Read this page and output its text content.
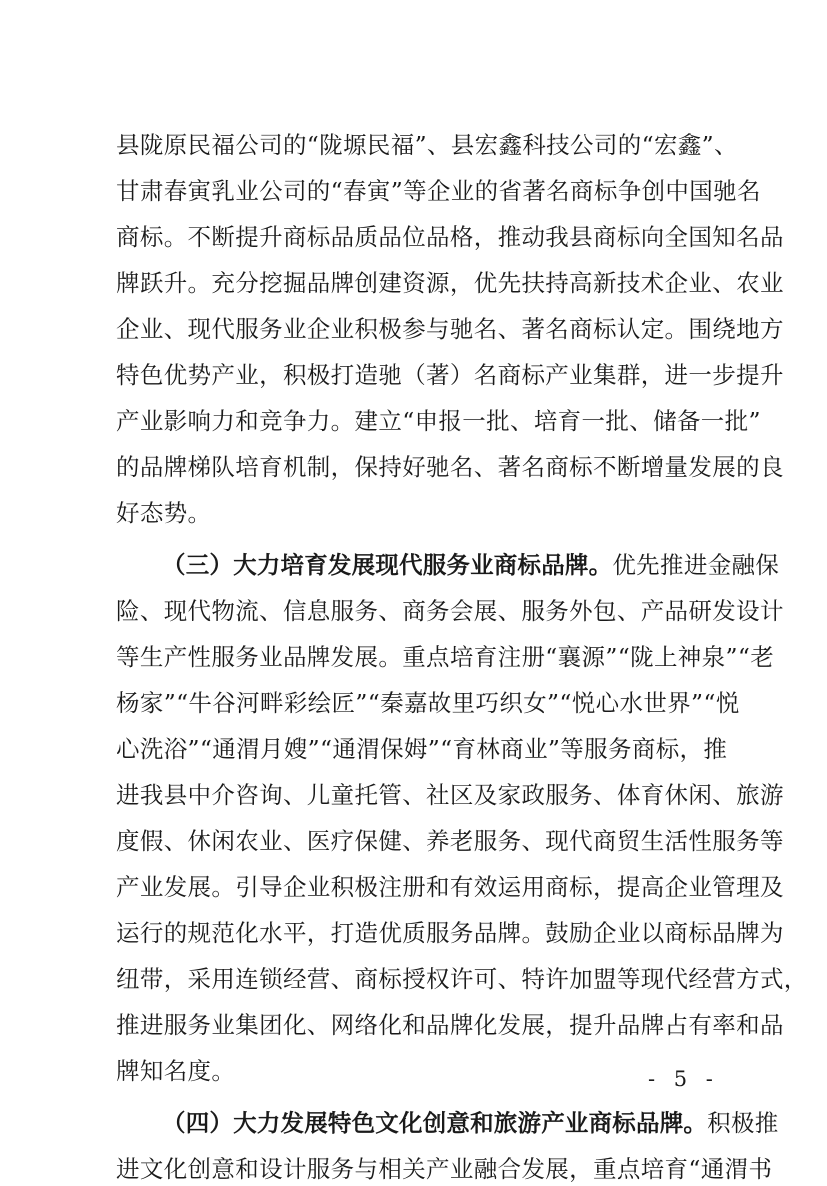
县陇原民福公司的“陇塬民福”、县宏鑫科技公司的“宏鑫”、
甘肃春寅乳业公司的“春寅”等企业的省著名商标争创中国驰名
商标。不断提升商标品质品位品格，推动我县商标向全国知名品
牌跃升。充分挖掘品牌创建资源，优先扶持高新技术企业、农业
企业、现代服务业企业积极参与驰名、著名商标认定。围绕地方
特色优势产业，积极打造驰（著）名商标产业集群，进一步提升
产业影响力和竞争力。建立“申报一批、培育一批、储备一批”
的品牌梯队培育机制，保持好驰名、著名商标不断增量发展的良
好态势。
（三）大力培育发展现代服务业商标品牌。优先推进金融保
险、现代物流、信息服务、商务会展、服务外包、产品研发设计
等生产性服务业品牌发展。重点培育注册“襄源”“陇上神泉”“老
杨家”“牛谷河畔彩绘匠”“秦嘉故里巧织女”“悦心水世界”“悦
心洗浴”“通渭月嫂”“通渭保姆”“育林商业”等服务商标，推
进我县中介咨询、儿童托管、社区及家政服务、体育休闲、旅游
度假、休闲农业、医疗保健、养老服务、现代商贸生活性服务等
产业发展。引导企业积极注册和有效运用商标，提高企业管理及
运行的规范化水平，打造优质服务品牌。鼓励企业以商标品牌为
纽带，采用连锁经营、商标授权许可、特许加盟等现代经营方式，
推进服务业集团化、网络化和品牌化发展，提升品牌占有率和品
牌知名度。
（四）大力发展特色文化创意和旅游产业商标品牌。积极推
进文化创意和设计服务与相关产业融合发展，重点培育“通渭书
- 5 -
